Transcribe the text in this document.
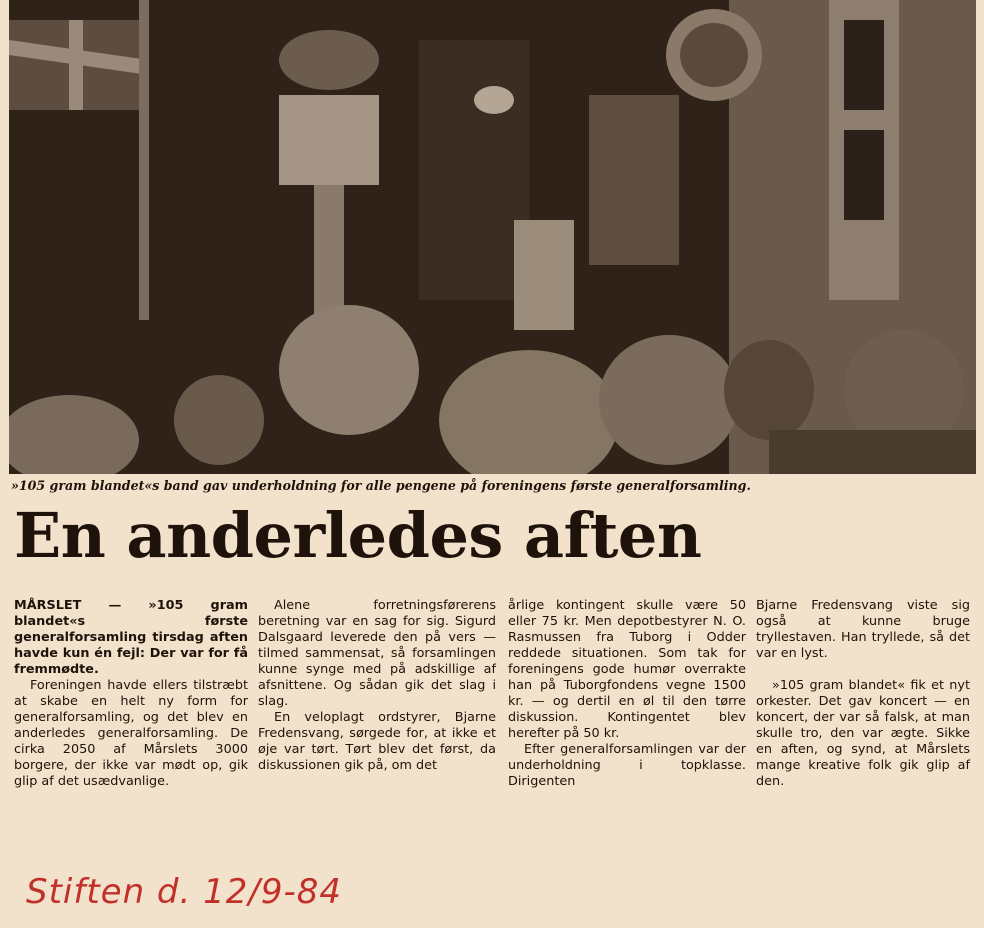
»105 gram blandet«s band gav underholdning for alle pengene på foreningens første generalforsamling.
En anderledes aften

MÅRSLET — »105 gram blandet«s første generalforsamling tirsdag aften havde kun én fejl: Der var for få fremmødte.

Foreningen havde ellers tilstræbt at skabe en helt ny form for generalforsamling, og det blev en anderledes generalforsamling. De cirka 2050 af Mårslets 3000 borgere, der ikke var mødt op, gik glip af det usædvanlige.

Alene forretningsførerens beretning var en sag for sig. Sigurd Dalsgaard leverede den på vers — tilmed sammensat, så forsamlingen kunne synge med på adskillige af afsnittene. Og sådan gik det slag i slag.

En veloplagt ordstyrer, Bjarne Fredensvang, sørgede for, at ikke et øje var tørt. Tørt blev det først, da diskussionen gik på, om det

årlige kontingent skulle være 50 eller 75 kr. Men depotbestyrer N. O. Rasmussen fra Tuborg i Odder reddede situationen. Som tak for foreningens gode humør overrakte han på Tuborgfondens vegne 1500 kr. — og dertil en øl til den tørre diskussion. Kontingentet blev herefter på 50 kr.

Efter generalforsamlingen var der underholdning i topklasse. Dirigenten

Bjarne Fredensvang viste sig også at kunne bruge tryllestaven. Han tryllede, så det var en lyst.

»105 gram blandet« fik et nyt orkester. Det gav koncert — en koncert, der var så falsk, at man skulle tro, den var ægte. Sikke en aften, og synd, at Mårslets mange kreative folk gik glip af den.

Stiften d. 12/9-84
